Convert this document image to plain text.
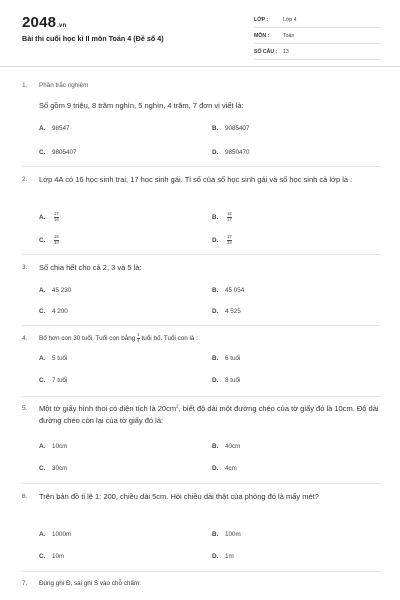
2048.vn
Bài thi cuối học kì II môn Toán 4 (Đề số 4)
LỚP :	Lớp 4
MÔN :	Toán
SỐ CÂU : 13
1. Phần trắc nghiệm
Số gồm 9 triệu, 8 trăm nghìn, 5 nghìn, 4 trăm, 7 đơn vị viết là:
A. 98547	B. 9085407
C. 9805407	D. 9850470
2. Lớp 4A có 16 học sinh trai, 17 học sinh gái. Tỉ số của số học sinh gái và số học sinh cả lớp là :
A. $\frac{17}{16}$	B. $\frac{16}{17}$
C. $\frac{16}{33}$	D. $\frac{17}{33}$
3. Số chia hết cho cả 2, 3 và 5 là:
A. 45 230	B. 45 054
C. 4 200	D. 4 525
4. Bố hơn con 30 tuổi. Tuổi con bằng $\frac{1}{4}$ tuổi bố. Tuổi con là :
A. 5 tuổi	B. 6 tuổi
C. 7 tuổi	D. 8 tuổi
5. Một tờ giấy hình thoi có diện tích là $20cm^2$, biết độ dài một đường chéo của tờ giấy đó là 10cm. Độ dài đường chéo còn lại của tờ giấy đó là:
A. 10cm	B. 40cm
C. 30cm	D. 4cm
6. Trên bản đồ tỉ lệ 1: 200, chiều dài 5cm. Hỏi chiều dài thật của phòng đó là mấy mét?
A. 1000m	B. 100m
C. 10m	D. 1m
7. Đúng ghi Đ, sai ghi S vào chỗ chấm:
